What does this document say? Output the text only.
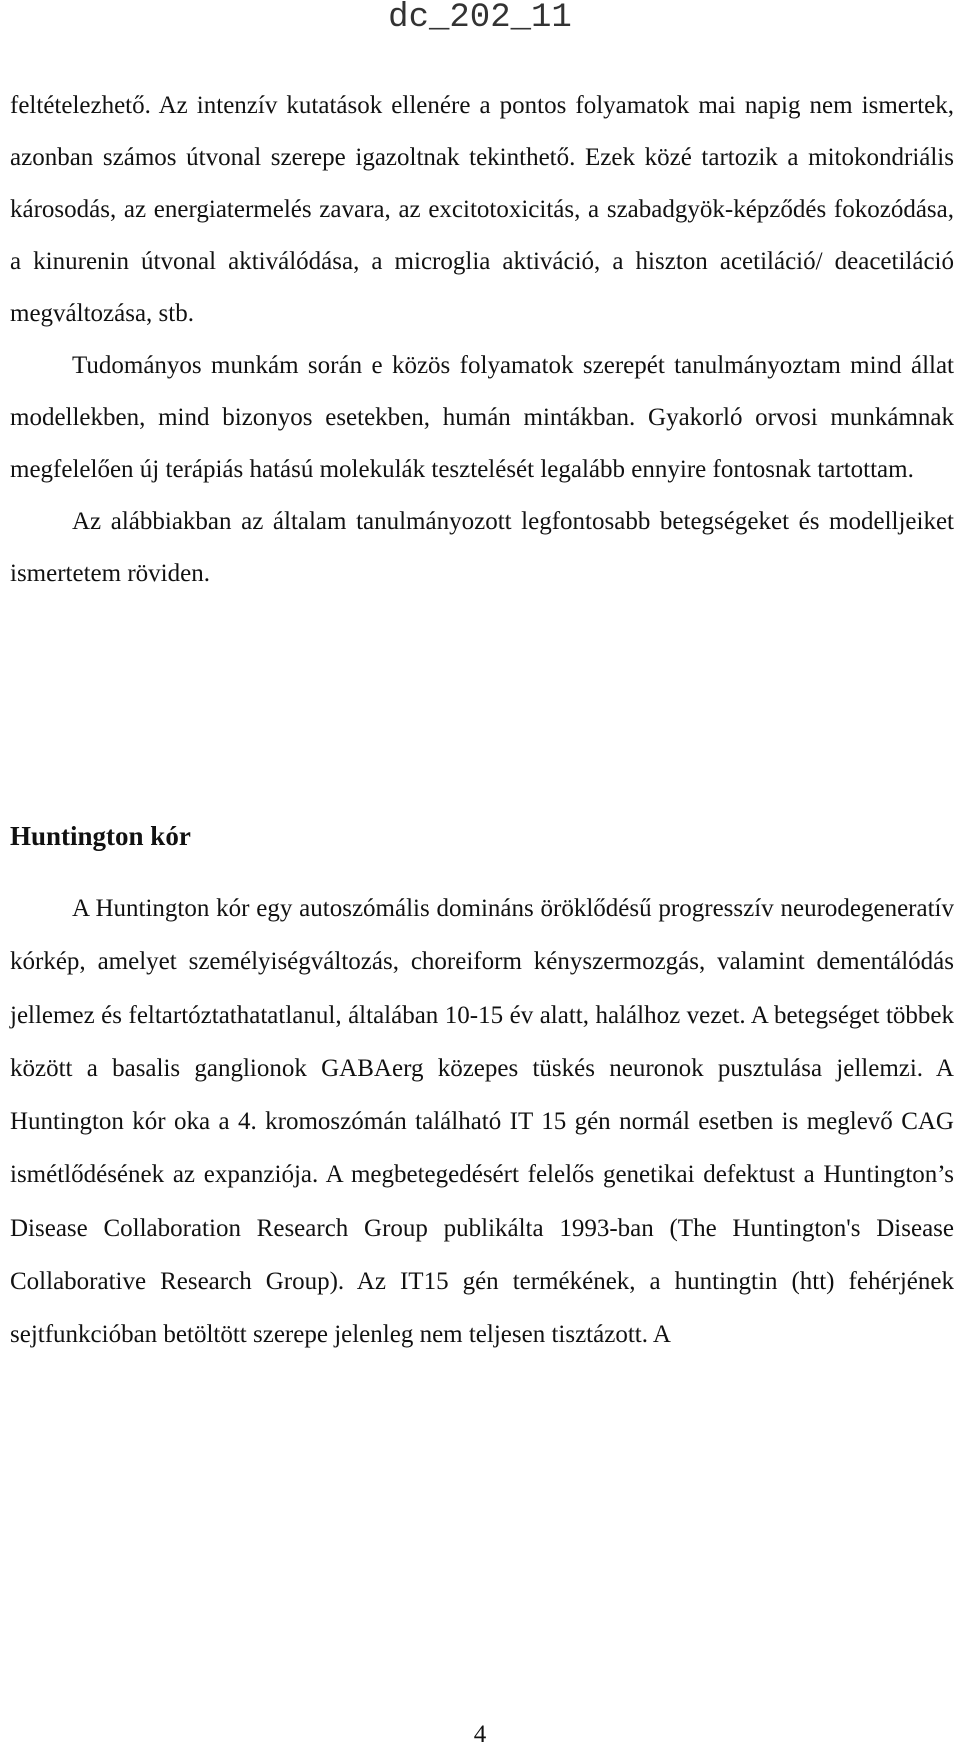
dc_202_11

feltételezhető. Az intenzív kutatások ellenére a pontos folyamatok mai napig nem ismertek, azonban számos útvonal szerepe igazoltnak tekinthető. Ezek közé tartozik a mitokondriális károsodás, az energiatermelés zavara, az excitotoxicitás, a szabadgyök-képződés fokozódása, a kinurenin útvonal aktiválódása, a microglia aktiváció, a hiszton acetiláció/ deacetiláció megváltozása, stb.

Tudományos munkám során e közös folyamatok szerepét tanulmányoztam mind állat modellekben, mind bizonyos esetekben, humán mintákban. Gyakorló orvosi munkámnak megfelelően új terápiás hatású molekulák tesztelését legalább ennyire fontosnak tartottam.

Az alábbiakban az általam tanulmányozott legfontosabb betegségeket és modelljeiket ismertetem röviden.

Huntington kór

A Huntington kór egy autoszómális domináns öröklődésű progresszív neurodegeneratív kórkép, amelyet személyiségváltozás, choreiform kényszermozgás, valamint dementálódás jellemez és feltartóztathatatlanul, általában 10-15 év alatt, halálhoz vezet. A betegséget többek között a basalis ganglionok GABAerg közepes tüskés neuronok pusztulása jellemzi. A Huntington kór oka a 4. kromoszómán található IT 15 gén normál esetben is meglevő CAG ismétlődésének az expanziója. A megbetegedésért felelős genetikai defektust a Huntington’s Disease Collaboration Research Group publikálta 1993-ban (The Huntington's Disease Collaborative Research Group). Az IT15 gén termékének, a huntingtin (htt) fehérjének sejtfunkcióban betöltött szerepe jelenleg nem teljesen tisztázott. A

4
